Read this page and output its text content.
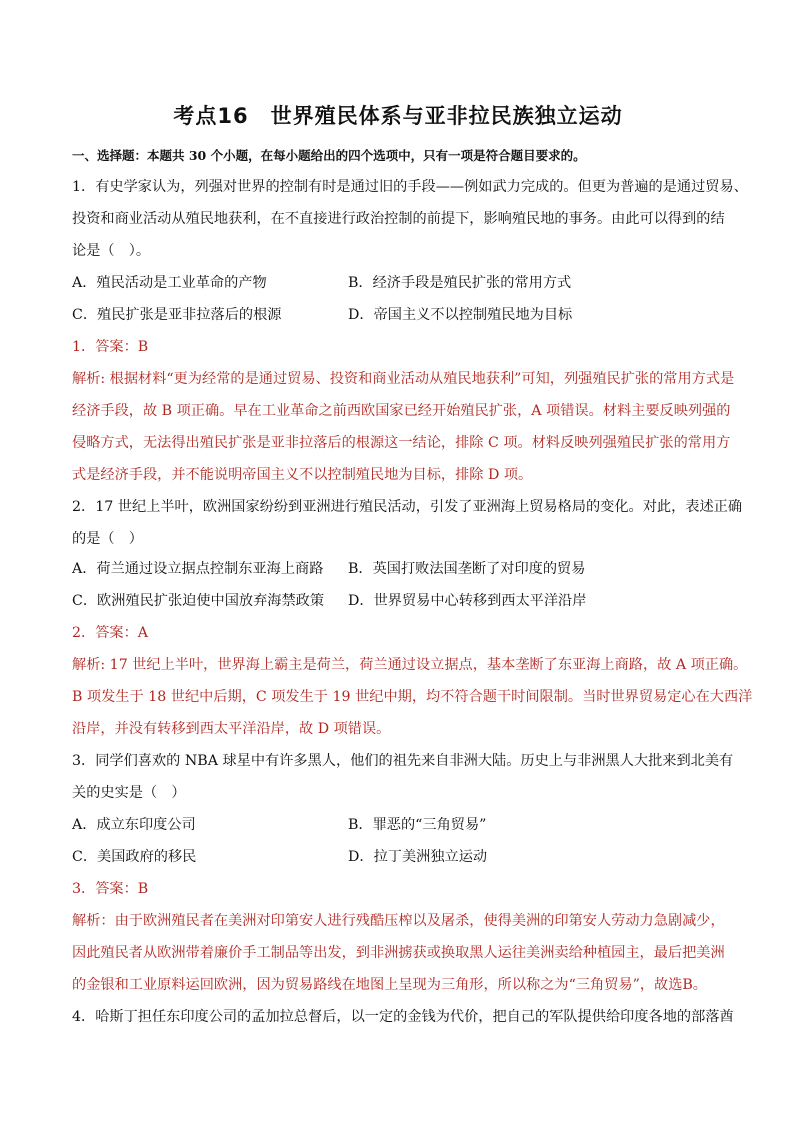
考点16　世界殖民体系与亚非拉民族独立运动
一、选择题：本题共 30 个小题，在每小题给出的四个选项中，只有一项是符合题目要求的。
1．有史学家认为，列强对世界的控制有时是通过旧的手段——例如武力完成的。但更为普遍的是通过贸易、
投资和商业活动从殖民地获利，在不直接进行政治控制的前提下，影响殖民地的事务。由此可以得到的结
论是（　）。
A．殖民活动是工业革命的产物	B．经济手段是殖民扩张的常用方式
C．殖民扩张是亚非拉落后的根源	D．帝国主义不以控制殖民地为目标
1．答案：B
解析: 根据材料“更为经常的是通过贸易、投资和商业活动从殖民地获利”可知，列强殖民扩张的常用方式是
经济手段，故 B 项正确。早在工业革命之前西欧国家已经开始殖民扩张，A 项错误。材料主要反映列强的
侵略方式，无法得出殖民扩张是亚非拉落后的根源这一结论，排除 C 项。材料反映列强殖民扩张的常用方
式是经济手段，并不能说明帝国主义不以控制殖民地为目标，排除 D 项。
2．17 世纪上半叶，欧洲国家纷纷到亚洲进行殖民活动，引发了亚洲海上贸易格局的变化。对此，表述正确
的是（　）
A．荷兰通过设立据点控制东亚海上商路 B．英国打败法国垄断了对印度的贸易
C．欧洲殖民扩张迫使中国放弃海禁政策 D．世界贸易中心转移到西太平洋沿岸
2．答案：A
解析: 17 世纪上半叶，世界海上霸主是荷兰，荷兰通过设立据点，基本垄断了东亚海上商路，故 A 项正确。
B 项发生于 18 世纪中后期，C 项发生于 19 世纪中期，均不符合题干时间限制。当时世界贸易定心在大西洋
沿岸，并没有转移到西太平洋沿岸，故 D 项错误。
3．同学们喜欢的 NBA 球星中有许多黑人，他们的祖先来自非洲大陆。历史上与非洲黑人大批来到北美有
关的史实是（　）
A．成立东印度公司	B．罪恶的“三角贸易”
C．美国政府的移民	D．拉丁美洲独立运动
3．答案：B
解析：由于欧洲殖民者在美洲对印第安人进行残酷压榨以及屠杀，使得美洲的印第安人劳动力急剧减少，
因此殖民者从欧洲带着廉价手工制品等出发，到非洲掳获或换取黑人运往美洲卖给种植园主，最后把美洲
的金银和工业原料运回欧洲，因为贸易路线在地图上呈现为三角形，所以称之为“三角贸易”，故选B。
4．哈斯丁担任东印度公司的孟加拉总督后，以一定的金钱为代价，把自己的军队提供给印度各地的部落酋
